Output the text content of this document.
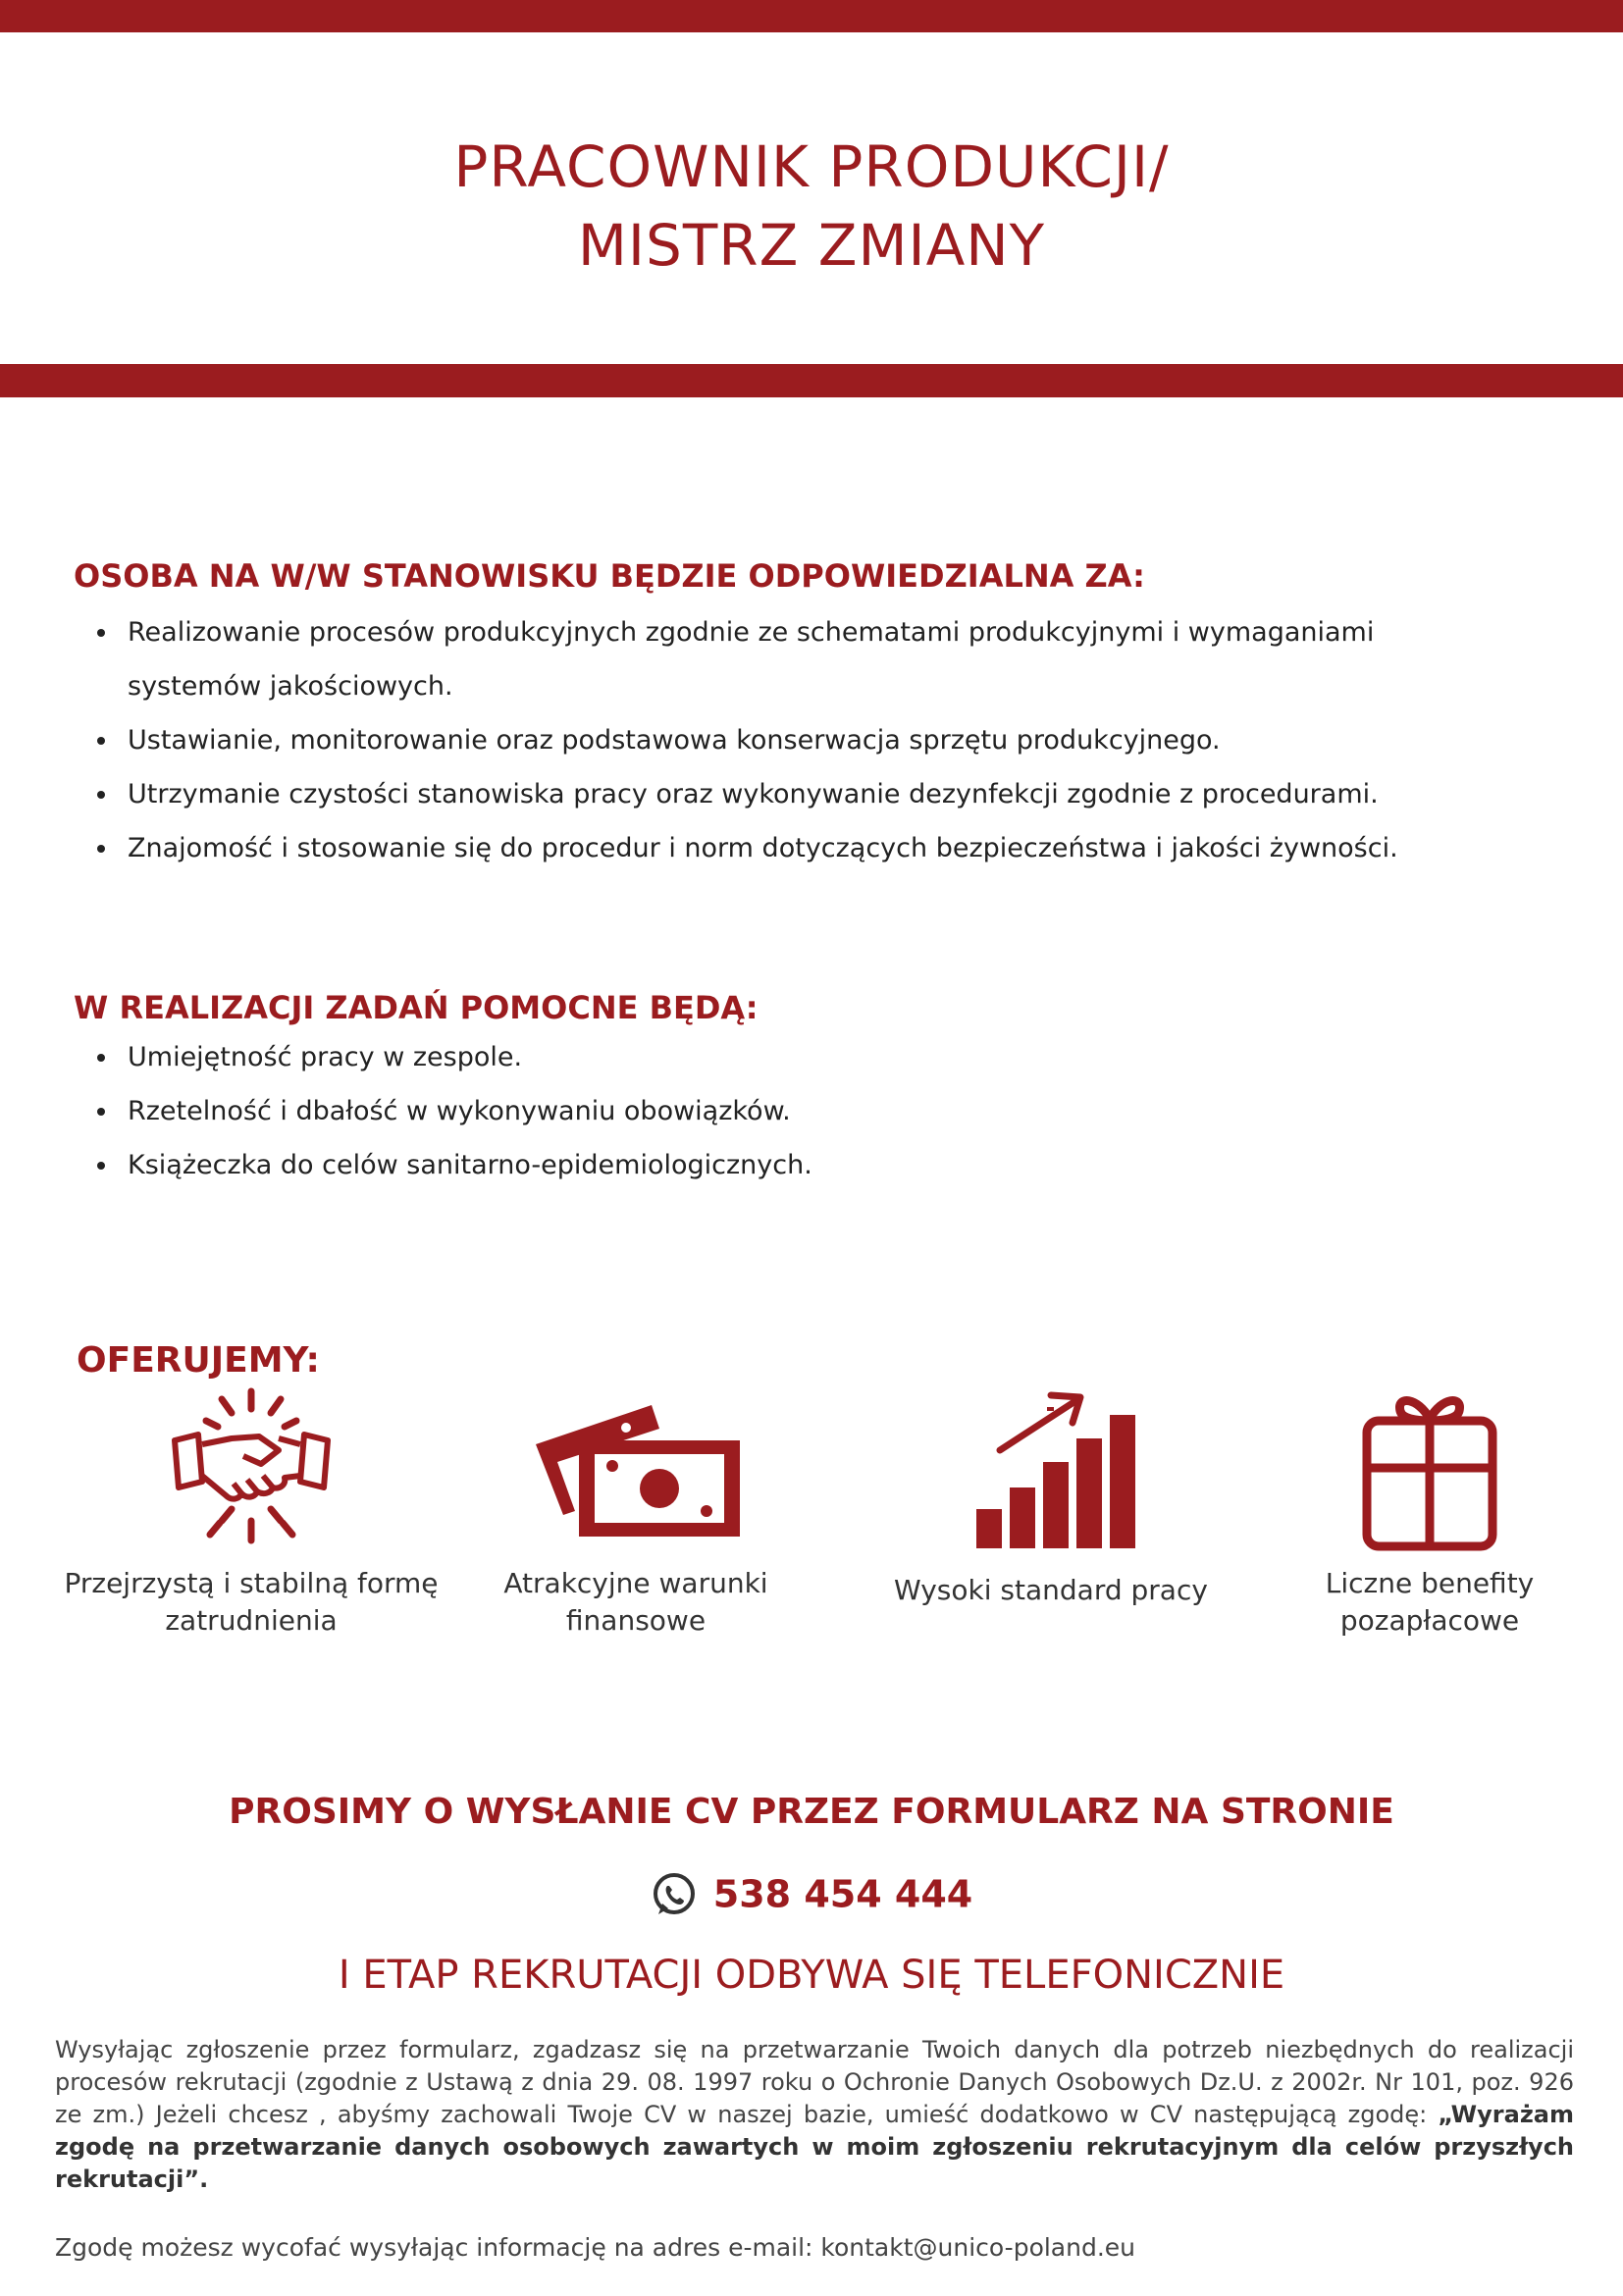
PRACOWNIK PRODUKCJI/
MISTRZ ZMIANY
OSOBA NA W/W STANOWISKU BĘDZIE ODPOWIEDZIALNA ZA:
• Realizowanie procesów produkcyjnych zgodnie ze schematami produkcyjnymi i wymaganiami systemów jakościowych.
• Ustawianie, monitorowanie oraz podstawowa konserwacja sprzętu produkcyjnego.
• Utrzymanie czystości stanowiska pracy oraz wykonywanie dezynfekcji zgodnie z procedurami.
• Znajomość i stosowanie się do procedur i norm dotyczących bezpieczeństwa i jakości żywności.
W REALIZACJI ZADAŃ POMOCNE BĘDĄ:
• Umiejętność pracy w zespole.
• Rzetelność i dbałość w wykonywaniu obowiązków.
• Książeczka do celów sanitarno-epidemiologicznych.
OFERUJEMY:
Przejrzystą i stabilną formę
zatrudnienia
Atrakcyjne warunki
finansowe
Wysoki standard pracy	Liczne benefity
pozapłacowe
PROSIMY O WYSŁANIE CV PRZEZ FORMULARZ NA STRONIE
538 454 444
I ETAP REKRUTACJI ODBYWA SIĘ TELEFONICZNIE
Wysyłając zgłoszenie przez formularz, zgadzasz się na przetwarzanie Twoich danych dla potrzeb niezbędnych do realizacji procesów rekrutacji (zgodnie z Ustawą z dnia 29. 08. 1997 roku o Ochronie Danych Osobowych Dz.U. z 2002r. Nr 101, poz. 926 ze zm.) Jeżeli chcesz , abyśmy zachowali Twoje CV w naszej bazie, umieść dodatkowo w CV następującą zgodę: „Wyrażam zgodę na przetwarzanie danych osobowych zawartych w moim zgłoszeniu rekrutacyjnym dla celów przyszłych rekrutacji”.
Zgodę możesz wycofać wysyłając informację na adres e-mail: kontakt@unico-poland.eu
